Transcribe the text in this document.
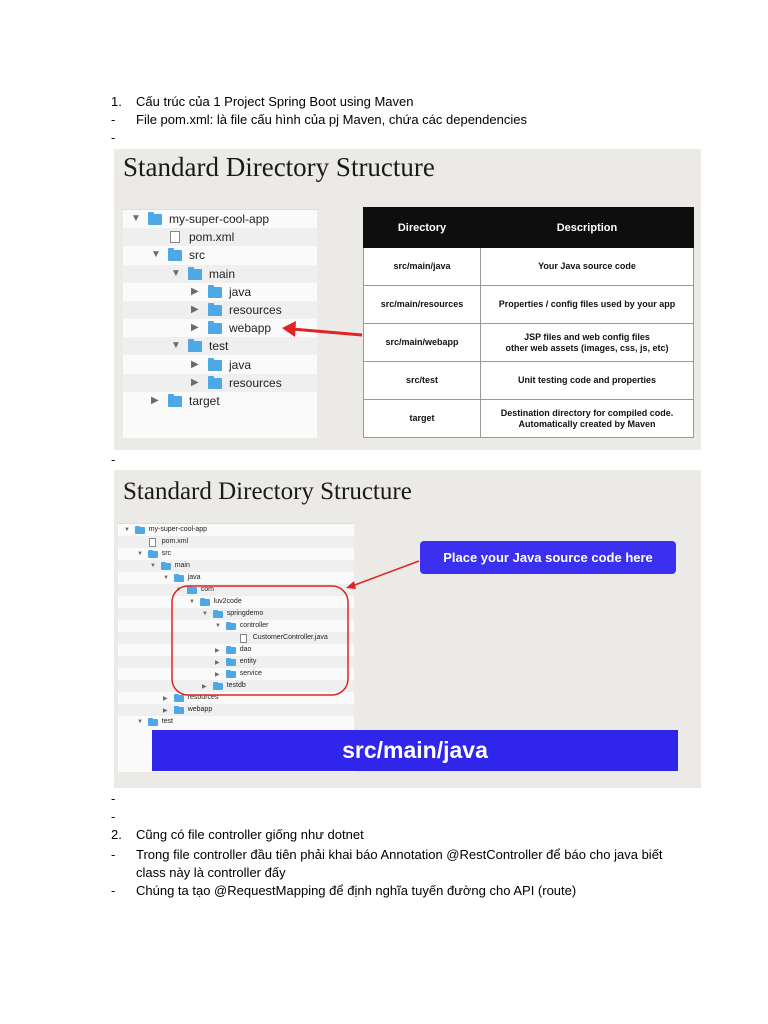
1. Cấu trúc của 1 Project Spring Boot using Maven
- File pom.xml: là file cấu hình của pj Maven, chứa các dependencies
-
Standard Directory Structure
▼ my-super-cool-app
pom.xml
▼ src
▼ main
▶	java
▶	resources
▶	webapp
▼ test
▶	java
▶	resources
▶	target
Directory	Description
src/main/java	Your Java source code
src/main/resources	Properties / config files used by your app
src/main/webapp	JSP files and web config files
other web assets (images, css, js, etc)
src/test	Unit testing code and properties
target	Destination directory for compiled code.
Automatically created by Maven
-
Standard Directory Structure
▼	my-super-cool-app
pom.xml
▼	src
▼	main
▼	java
▼	com
▼	luv2code
▼	springdemo
▼	controller
CustomerController.java
▶	dao
▶	entity
▶	service
▶	testdb
▶	resources
▶	webapp
▼	test
Place your Java source code here
src/main/java
-
-
2. Cũng có file controller giống như dotnet
- Trong file controller đầu tiên phải khai báo Annotation @RestController để báo cho java biết
class này là controller đấy
- Chúng ta tạo @RequestMapping để định nghĩa tuyến đường cho API (route)
